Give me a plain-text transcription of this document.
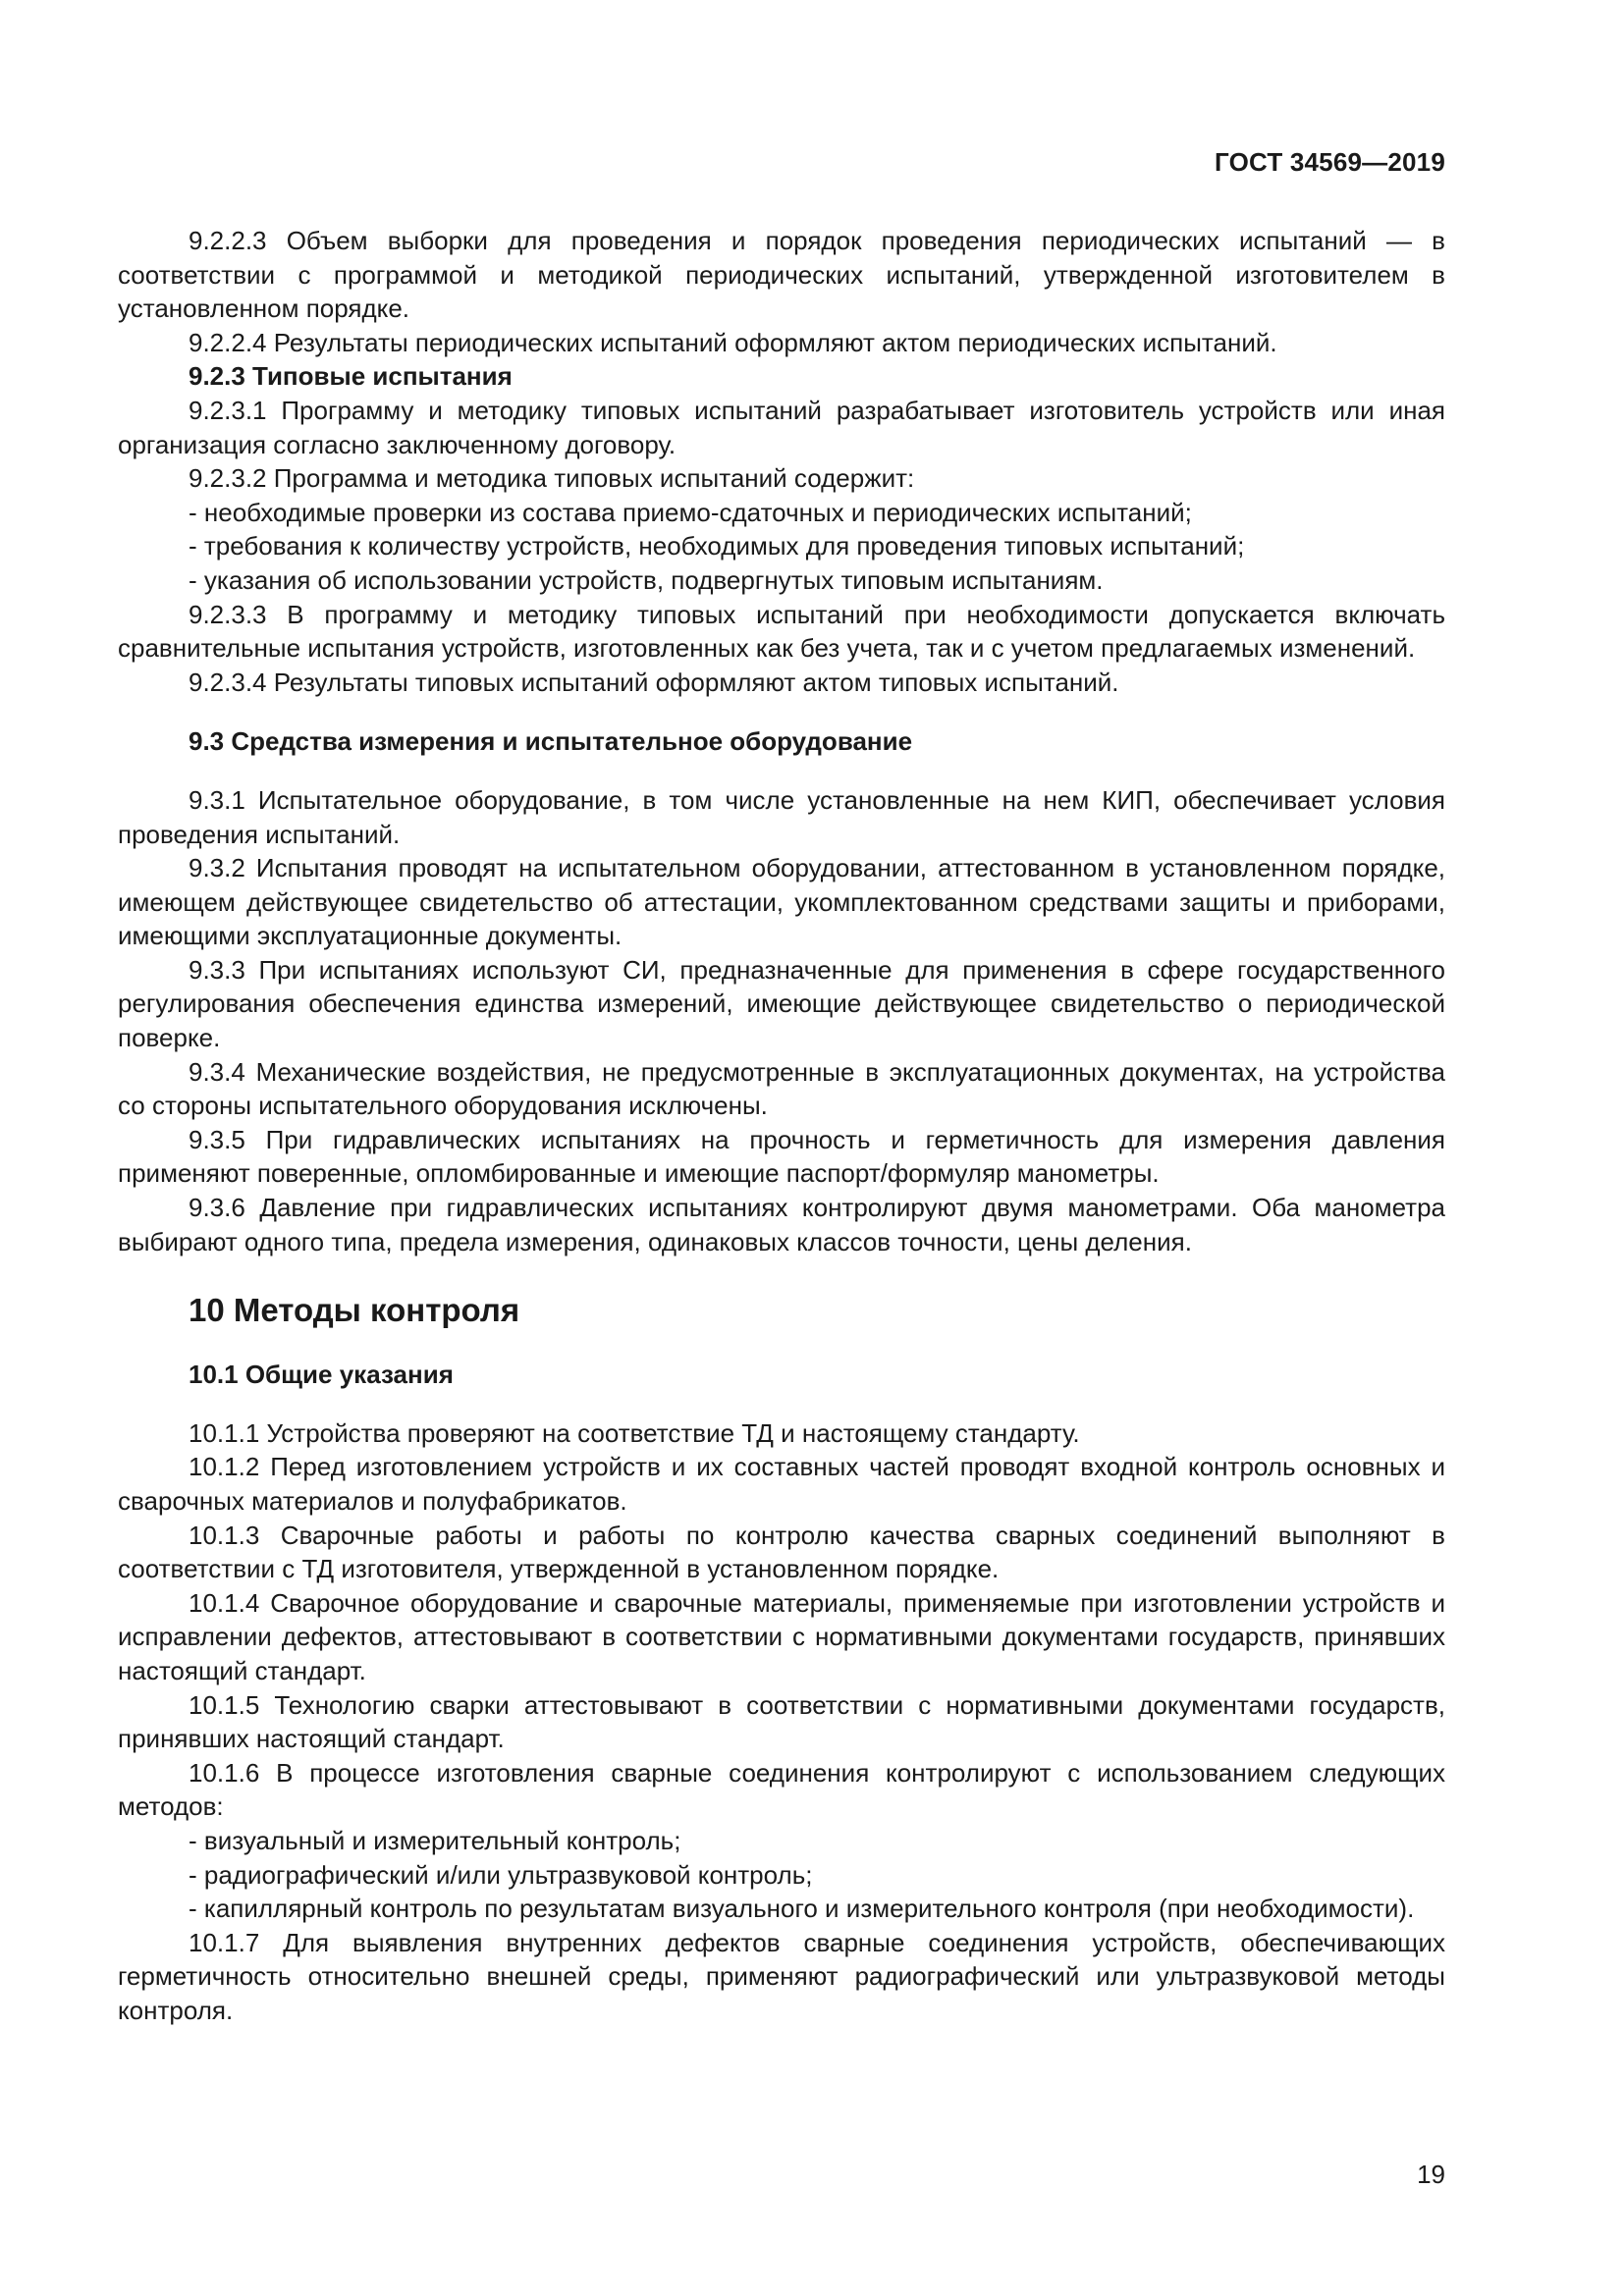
ГОСТ 34569—2019

9.2.2.3 Объем выборки для проведения и порядок проведения периодических испытаний — в соответствии с программой и методикой периодических испытаний, утвержденной изготовителем в установленном порядке.

9.2.2.4 Результаты периодических испытаний оформляют актом периодических испытаний.

9.2.3 Типовые испытания

9.2.3.1 Программу и методику типовых испытаний разрабатывает изготовитель устройств или иная организация согласно заключенному договору.

9.2.3.2 Программа и методика типовых испытаний содержит:

- необходимые проверки из состава приемо-сдаточных и периодических испытаний;

- требования к количеству устройств, необходимых для проведения типовых испытаний;

- указания об использовании устройств, подвергнутых типовым испытаниям.

9.2.3.3 В программу и методику типовых испытаний при необходимости допускается включать сравнительные испытания устройств, изготовленных как без учета, так и с учетом предлагаемых изменений.

9.2.3.4 Результаты типовых испытаний оформляют актом типовых испытаний.

9.3 Средства измерения и испытательное оборудование

9.3.1 Испытательное оборудование, в том числе установленные на нем КИП, обеспечивает условия проведения испытаний.

9.3.2 Испытания проводят на испытательном оборудовании, аттестованном в установленном порядке, имеющем действующее свидетельство об аттестации, укомплектованном средствами защиты и приборами, имеющими эксплуатационные документы.

9.3.3 При испытаниях используют СИ, предназначенные для применения в сфере государственного регулирования обеспечения единства измерений, имеющие действующее свидетельство о периодической поверке.

9.3.4 Механические воздействия, не предусмотренные в эксплуатационных документах, на устройства со стороны испытательного оборудования исключены.

9.3.5 При гидравлических испытаниях на прочность и герметичность для измерения давления применяют поверенные, опломбированные и имеющие паспорт/формуляр манометры.

9.3.6 Давление при гидравлических испытаниях контролируют двумя манометрами. Оба манометра выбирают одного типа, предела измерения, одинаковых классов точности, цены деления.

10 Методы контроля

10.1 Общие указания

10.1.1 Устройства проверяют на соответствие ТД и настоящему стандарту.

10.1.2 Перед изготовлением устройств и их составных частей проводят входной контроль основных и сварочных материалов и полуфабрикатов.

10.1.3 Сварочные работы и работы по контролю качества сварных соединений выполняют в соответствии с ТД изготовителя, утвержденной в установленном порядке.

10.1.4 Сварочное оборудование и сварочные материалы, применяемые при изготовлении устройств и исправлении дефектов, аттестовывают в соответствии с нормативными документами государств, принявших настоящий стандарт.

10.1.5 Технологию сварки аттестовывают в соответствии с нормативными документами государств, принявших настоящий стандарт.

10.1.6 В процессе изготовления сварные соединения контролируют с использованием следующих методов:

- визуальный и измерительный контроль;

- радиографический и/или ультразвуковой контроль;

- капиллярный контроль по результатам визуального и измерительного контроля (при необходимости).

10.1.7 Для выявления внутренних дефектов сварные соединения устройств, обеспечивающих герметичность относительно внешней среды, применяют радиографический или ультразвуковой методы контроля.

19
